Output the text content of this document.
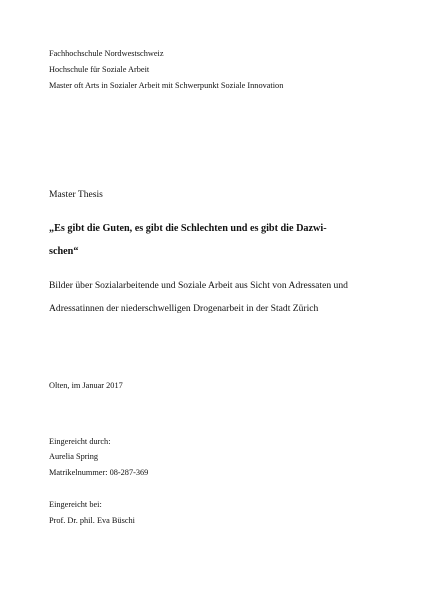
Fachhochschule Nordwestschweiz
Hochschule für Soziale Arbeit
Master oft Arts in Sozialer Arbeit mit Schwerpunkt Soziale Innovation
Master Thesis
„Es gibt die Guten, es gibt die Schlechten und es gibt die Dazwi-
schen“
Bilder über Sozialarbeitende und Soziale Arbeit aus Sicht von Adressaten und
Adressatinnen der niederschwelligen Drogenarbeit in der Stadt Zürich
Olten, im Januar 2017
Eingereicht durch:
Aurelia Spring
Matrikelnummer: 08-287-369
Eingereicht bei:
Prof. Dr. phil. Eva Büschi
